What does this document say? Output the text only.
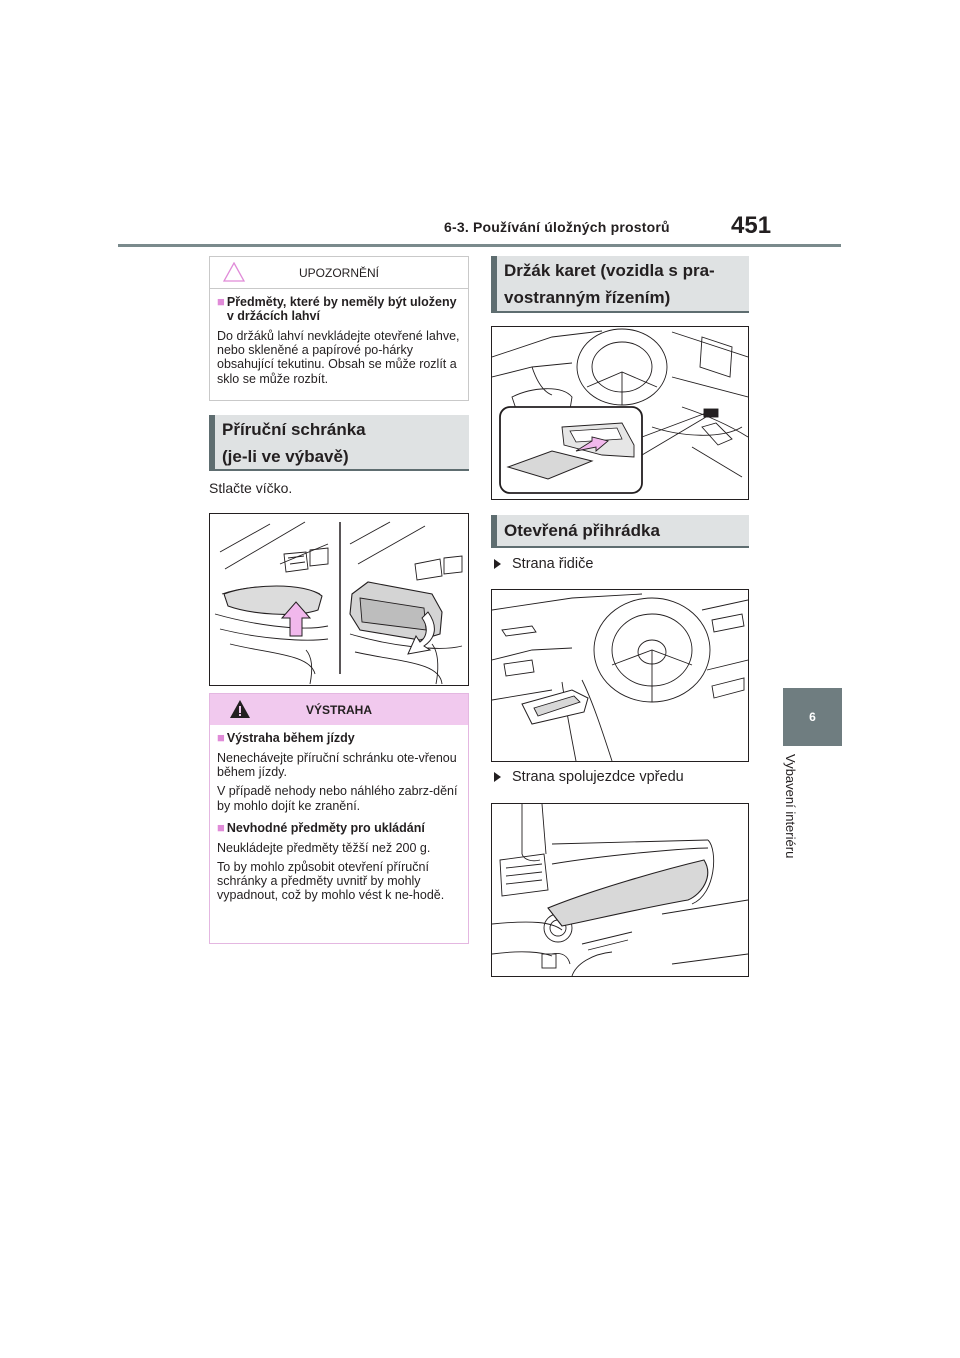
6-3. Používání úložných prostorů	451
6
Vybavení interiéru
UPOZORNĚNÍ
■ Předměty, které by neměly být uloženy v držácích lahví
Do držáků lahví nevkládejte otevřené lahve, nebo skleněné a papírové po-hárky obsahující tekutinu. Obsah se může rozlít a sklo se může rozbít.
Příruční schránka
(je-li ve výbavě)
Stlačte víčko.
VÝSTRAHA
■ Výstraha během jízdy
Nenechávejte příruční schránku ote-vřenou během jízdy.
V případě nehody nebo náhlého zabrz-dění by mohlo dojít ke zranění.
■ Nevhodné předměty pro ukládání
Neukládejte předměty těžší než 200 g.
To by mohlo způsobit otevření příruční schránky a předměty uvnitř by mohly vypadnout, což by mohlo vést k ne-hodě.
Držák karet (vozidla s pra-
vostranným řízením)
Otevřená přihrádka
Strana řidiče
Strana spolujezdce vpředu
